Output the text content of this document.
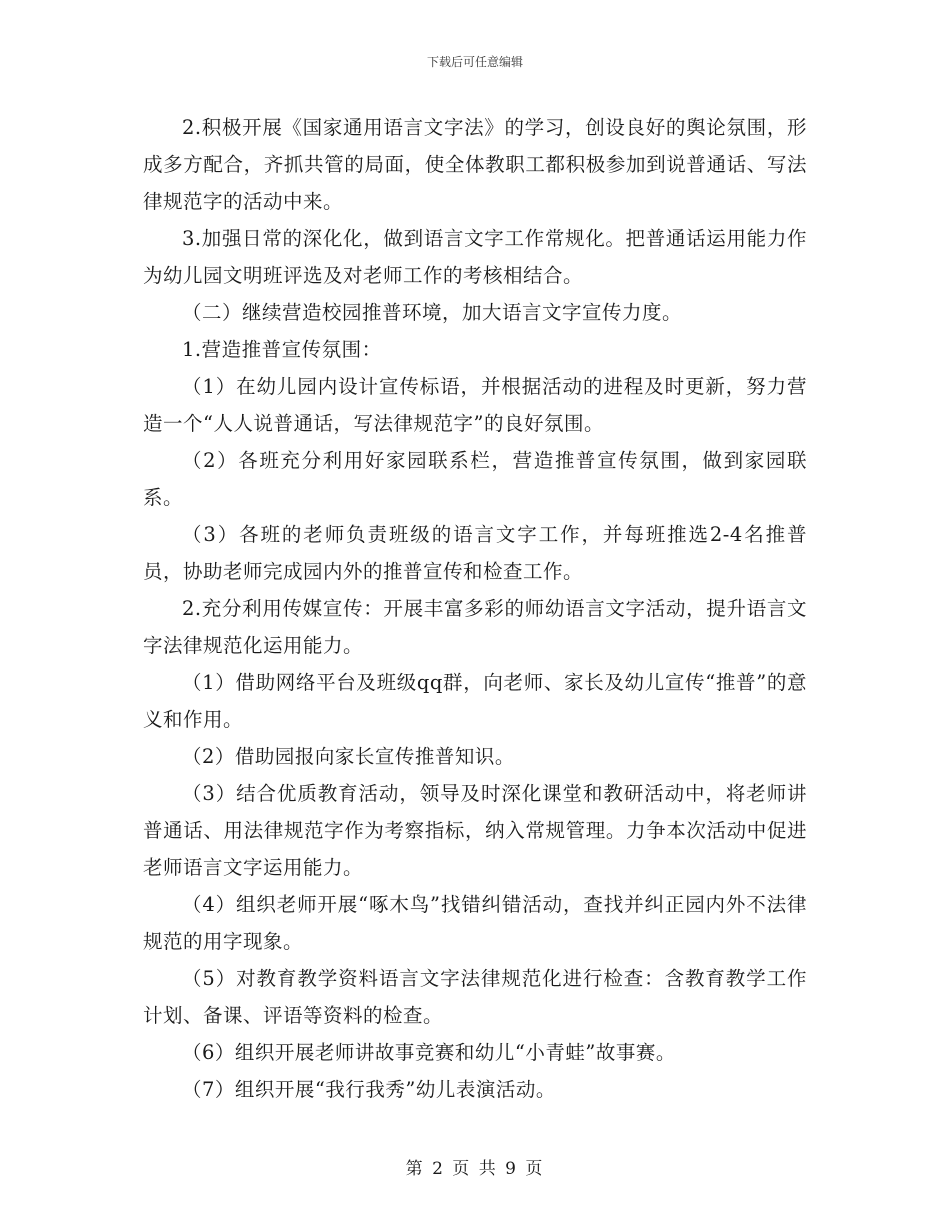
下载后可任意编辑

2.积极开展《国家通用语言文字法》的学习，创设良好的舆论氛围，形成多方配合，齐抓共管的局面，使全体教职工都积极参加到说普通话、写法律规范字的活动中来。

3.加强日常的深化化，做到语言文字工作常规化。把普通话运用能力作为幼儿园文明班评选及对老师工作的考核相结合。

（二）继续营造校园推普环境，加大语言文字宣传力度。

1.营造推普宣传氛围：

（1）在幼儿园内设计宣传标语，并根据活动的进程及时更新，努力营造一个“人人说普通话，写法律规范字”的良好氛围。

（2）各班充分利用好家园联系栏，营造推普宣传氛围，做到家园联系。

（3）各班的老师负责班级的语言文字工作，并每班推选2-4名推普员，协助老师完成园内外的推普宣传和检查工作。

2.充分利用传媒宣传：开展丰富多彩的师幼语言文字活动，提升语言文字法律规范化运用能力。

（1）借助网络平台及班级qq群，向老师、家长及幼儿宣传“推普”的意义和作用。

（2）借助园报向家长宣传推普知识。

（3）结合优质教育活动，领导及时深化课堂和教研活动中，将老师讲普通话、用法律规范字作为考察指标，纳入常规管理。力争本次活动中促进老师语言文字运用能力。

（4）组织老师开展“啄木鸟”找错纠错活动，查找并纠正园内外不法律规范的用字现象。

（5）对教育教学资料语言文字法律规范化进行检查：含教育教学工作计划、备课、评语等资料的检查。

（6）组织开展老师讲故事竞赛和幼儿“小青蛙”故事赛。

（7）组织开展“我行我秀”幼儿表演活动。

第 2 页 共 9 页
